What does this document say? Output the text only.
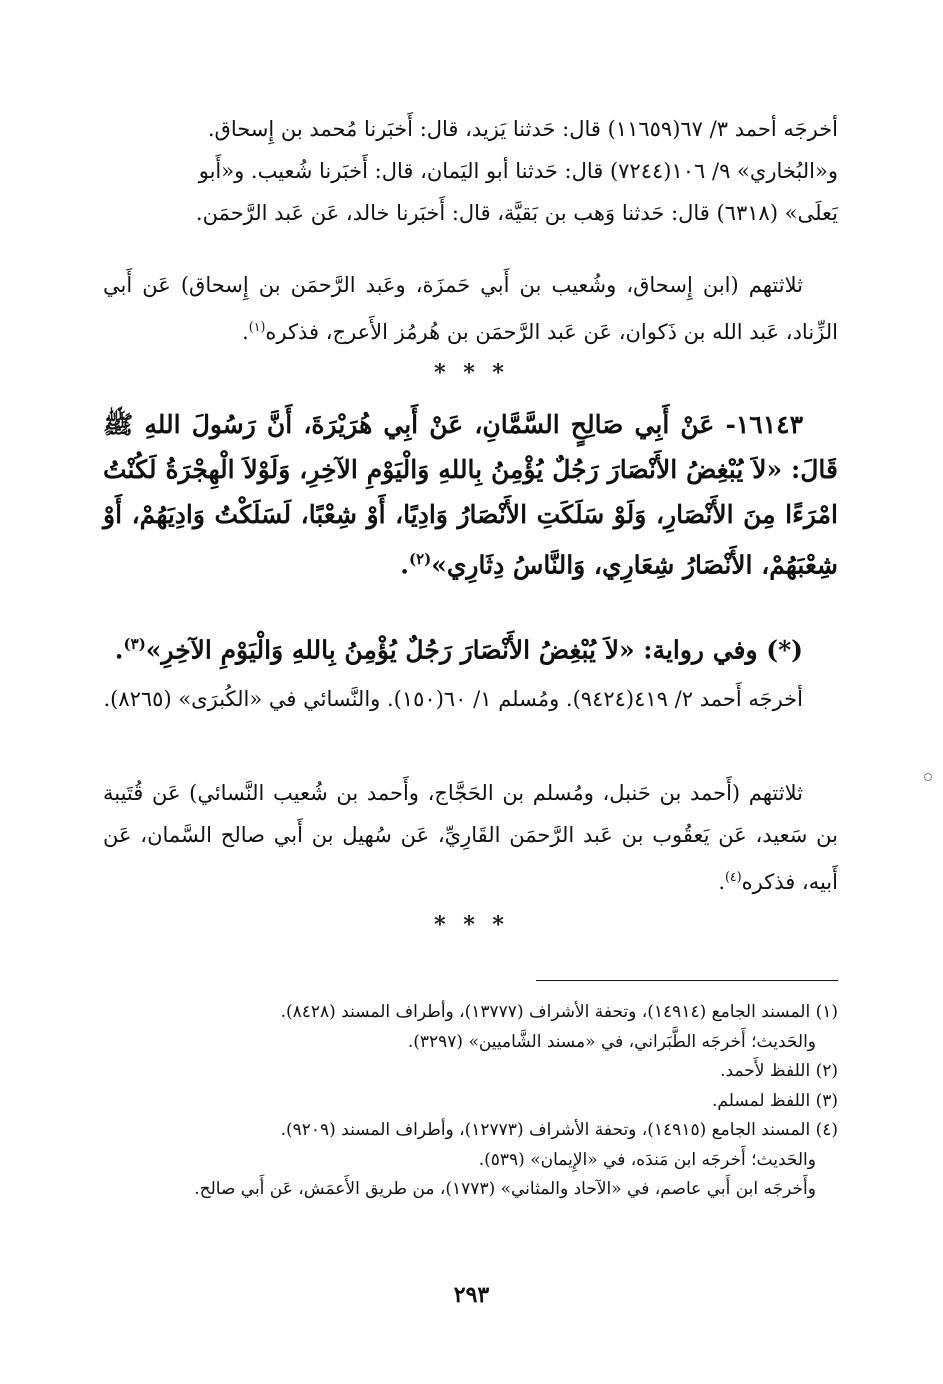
أخرجَه أحمد ٣/ ٦٧(١١٦٥٩) قال: حَدثنا يَزيد، قال: أَخبَرنا مُحمد بن إِسحاق.

و«البُخاري» ٩/ ١٠٦(٧٢٤٤) قال: حَدثنا أبو اليَمان، قال: أَخبَرنا شُعيب. و«أَبو

يَعلَى» (٦٣١٨) قال: حَدثنا وَهب بن بَقيَّة، قال: أَخبَرنا خالد، عَن عَبد الرَّحمَن.

ثلاثتهم (ابن إِسحاق، وشُعيب بن أَبي حَمزَة، وعَبد الرَّحمَن بن إِسحاق) عَن أَبي الزِّناد، عَبد الله بن ذَكوان، عَن عَبد الرَّحمَن بن هُرمُز الأَعرج، فذكره$^{(١)}$.

* * *

١٦١٤٣- عَنْ أَبِي صَالِحٍ السَّمَّانِ، عَنْ أَبِي هُرَيْرَةَ، أَنَّ رَسُولَ اللهِ ﷺ قَالَ: «لاَ يُبْغِضُ الأَنْصَارَ رَجُلٌ يُؤْمِنُ بِاللهِ وَالْيَوْمِ الآخِرِ، وَلَوْلاَ الْهِجْرَةُ لَكُنْتُ امْرَءًا مِنَ الأَنْصَارِ، وَلَوْ سَلَكَتِ الأَنْصَارُ وَادِيًا، أَوْ شِعْبًا، لَسَلَكْتُ وَادِيَهُمْ، أَوْ شِعْبَهُمْ، الأَنْصَارُ شِعَارِي، وَالنَّاسُ دِثَارِي»$^{(٢)}$.

(*) وفي رواية: «لاَ يُبْغِضُ الأَنْصَارَ رَجُلٌ يُؤْمِنُ بِاللهِ وَالْيَوْمِ الآخِرِ»$^{(٣)}$.

أخرجَه أَحمد ٢/ ٤١٩(٩٤٢٤). ومُسلم ١/ ٦٠(١٥٠). والنَّسائي في «الكُبرَى» (٨٢٦٥).

ثلاثتهم (أَحمد بن حَنبل، ومُسلم بن الحَجَّاج، وأَحمد بن شُعيب النَّسائي) عَن قُتَيبة بن سَعيد، عَن يَعقُوب بن عَبد الرَّحمَن القَارِيِّ، عَن سُهيل بن أَبي صالح السَّمان، عَن أَبيه، فذكره$^{(٤)}$.

* * *

(١) المسند الجامع (١٤٩١٤)، وتحفة الأشراف (١٣٧٧٧)، وأطراف المسند (٨٤٢٨).

والحَديث؛ أَخرجَه الطَّبَراني، في «مسند الشَّاميين» (٣٢٩٧).

(٢) اللفظ لأَحمد.

(٣) اللفظ لمسلم.

(٤) المسند الجامع (١٤٩١٥)، وتحفة الأشراف (١٢٧٧٣)، وأطراف المسند (٩٢٠٩).

والحَديث؛ أَخرجَه ابن مَندَه، في «الإِيمان» (٥٣٩).

وأَخرجَه ابن أَبي عاصم، في «الآحاد والمثاني» (١٧٧٣)، من طريق الأَعمَش، عَن أَبي صالح.

٢٩٣
